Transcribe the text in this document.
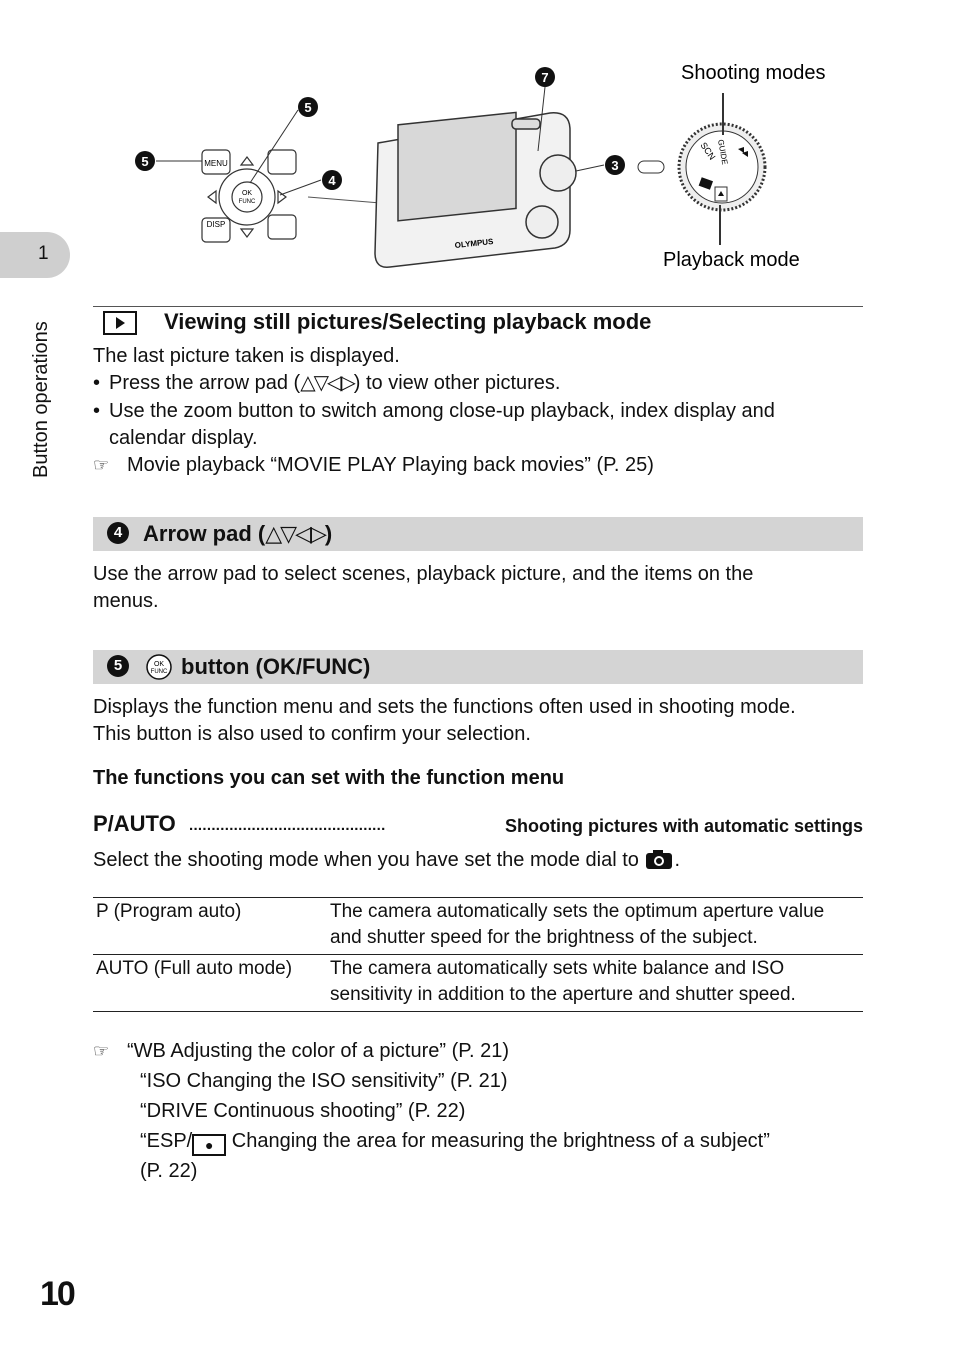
1
Button operations
MENU
OK
FUNC
DISP
5
5
4
OLYMPUS
7
3
GUIDE
SCN
Shooting modes
Playback mode
Viewing still pictures/Selecting playback mode
The last picture taken is displayed.
• Press the arrow pad (△▽◁▷) to view other pictures.
• Use the zoom button to switch among close-up playback, index display and
calendar display.
☞ Movie playback “MOVIE PLAY Playing back movies” (P. 25)
4 Arrow pad (△▽◁▷)
Use the arrow pad to select scenes, playback picture, and the items on the
menus.
5	OK
FUNC button (OK/FUNC)
Displays the function menu and sets the functions often used in shooting mode.
This button is also used to confirm your selection.
The functions you can set with the function menu
P/AUTO ............................................	Shooting pictures with automatic settings
Select the shooting mode when you have set the mode dial to .
P (Program auto)	The camera automatically sets the optimum aperture value
and shutter speed for the brightness of the subject.

AUTO (Full auto mode)	The camera automatically sets white balance and ISO
sensitivity in addition to the aperture and shutter speed.
☞ “WB Adjusting the color of a picture” (P. 21)
“ISO Changing the ISO sensitivity” (P. 21)
“DRIVE Continuous shooting” (P. 22)
“ESP/ ● Changing the area for measuring the brightness of a subject”
(P. 22)
10
